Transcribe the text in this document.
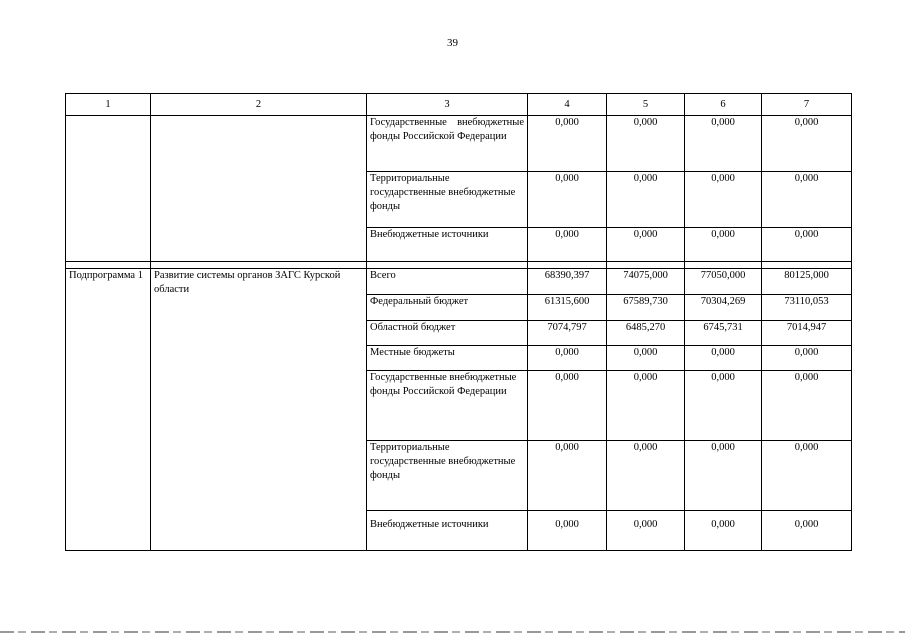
39
1	2	3	4	5	6	7
		Государственные внебюджетные фонды Российской Федерации	0,000	0,000	0,000	0,000
		Территориальные государственные внебюджетные фонды	0,000	0,000	0,000	0,000
		Внебюджетные источники	0,000	0,000	0,000	0,000

Подпрограмма 1	Развитие системы органов ЗАГС Курской области	Всего	68390,397	74075,000	77050,000	80125,000
		Федеральный бюджет	61315,600	67589,730	70304,269	73110,053
		Областной бюджет	7074,797	6485,270	6745,731	7014,947
		Местные бюджеты	0,000	0,000	0,000	0,000
		Государственные внебюджетные фонды Российской Федерации	0,000	0,000	0,000	0,000
		Территориальные государственные внебюджетные фонды	0,000	0,000	0,000	0,000
		Внебюджетные источники	0,000	0,000	0,000	0,000
